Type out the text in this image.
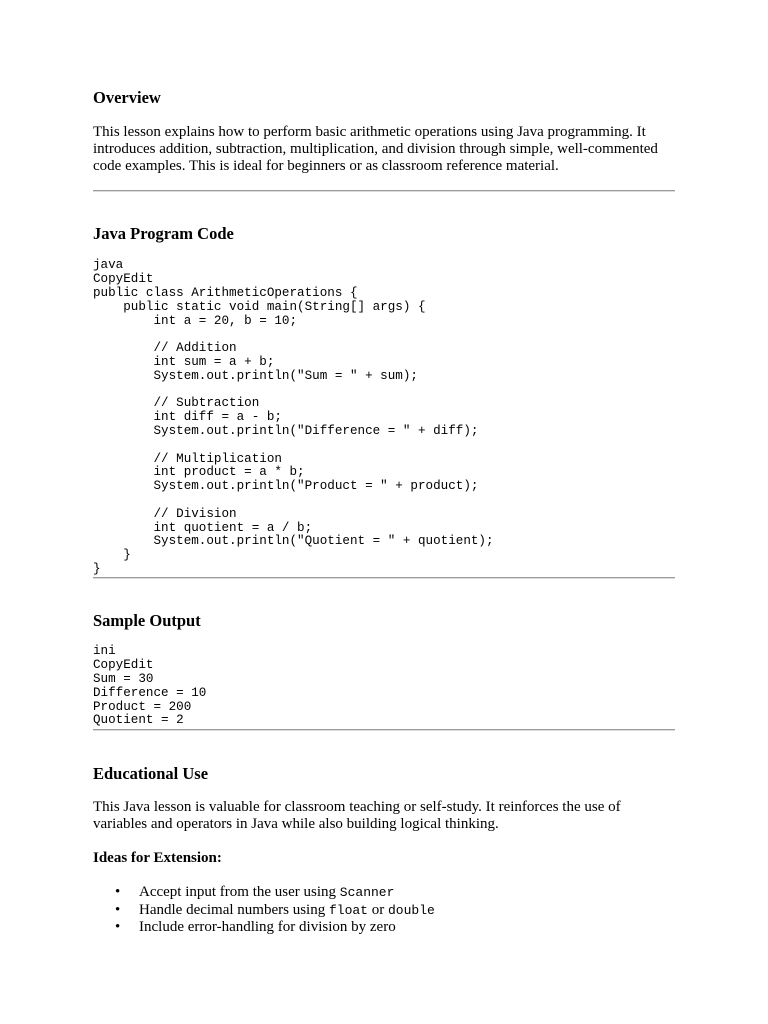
Overview

This lesson explains how to perform basic arithmetic operations using Java programming. It introduces addition, subtraction, multiplication, and division through simple, well-commented code examples. This is ideal for beginners or as classroom reference material.

Java Program Code
java
CopyEdit
public class ArithmeticOperations {
public static void main(String[] args) {
int a = 20, b = 10;

// Addition
int sum = a + b;
System.out.println("Sum = " + sum);

// Subtraction
int diff = a - b;
System.out.println("Difference = " + diff);

// Multiplication
int product = a * b;
System.out.println("Product = " + product);

// Division
int quotient = a / b;
System.out.println("Quotient = " + quotient);
}
}
Sample Output
ini
CopyEdit
Sum = 30
Difference = 10
Product = 200
Quotient = 2
Educational Use

This Java lesson is valuable for classroom teaching or self-study. It reinforces the use of variables and operators in Java while also building logical thinking.

Ideas for Extension:

• Accept input from the user using Scanner
• Handle decimal numbers using float or double
• Include error-handling for division by zero
